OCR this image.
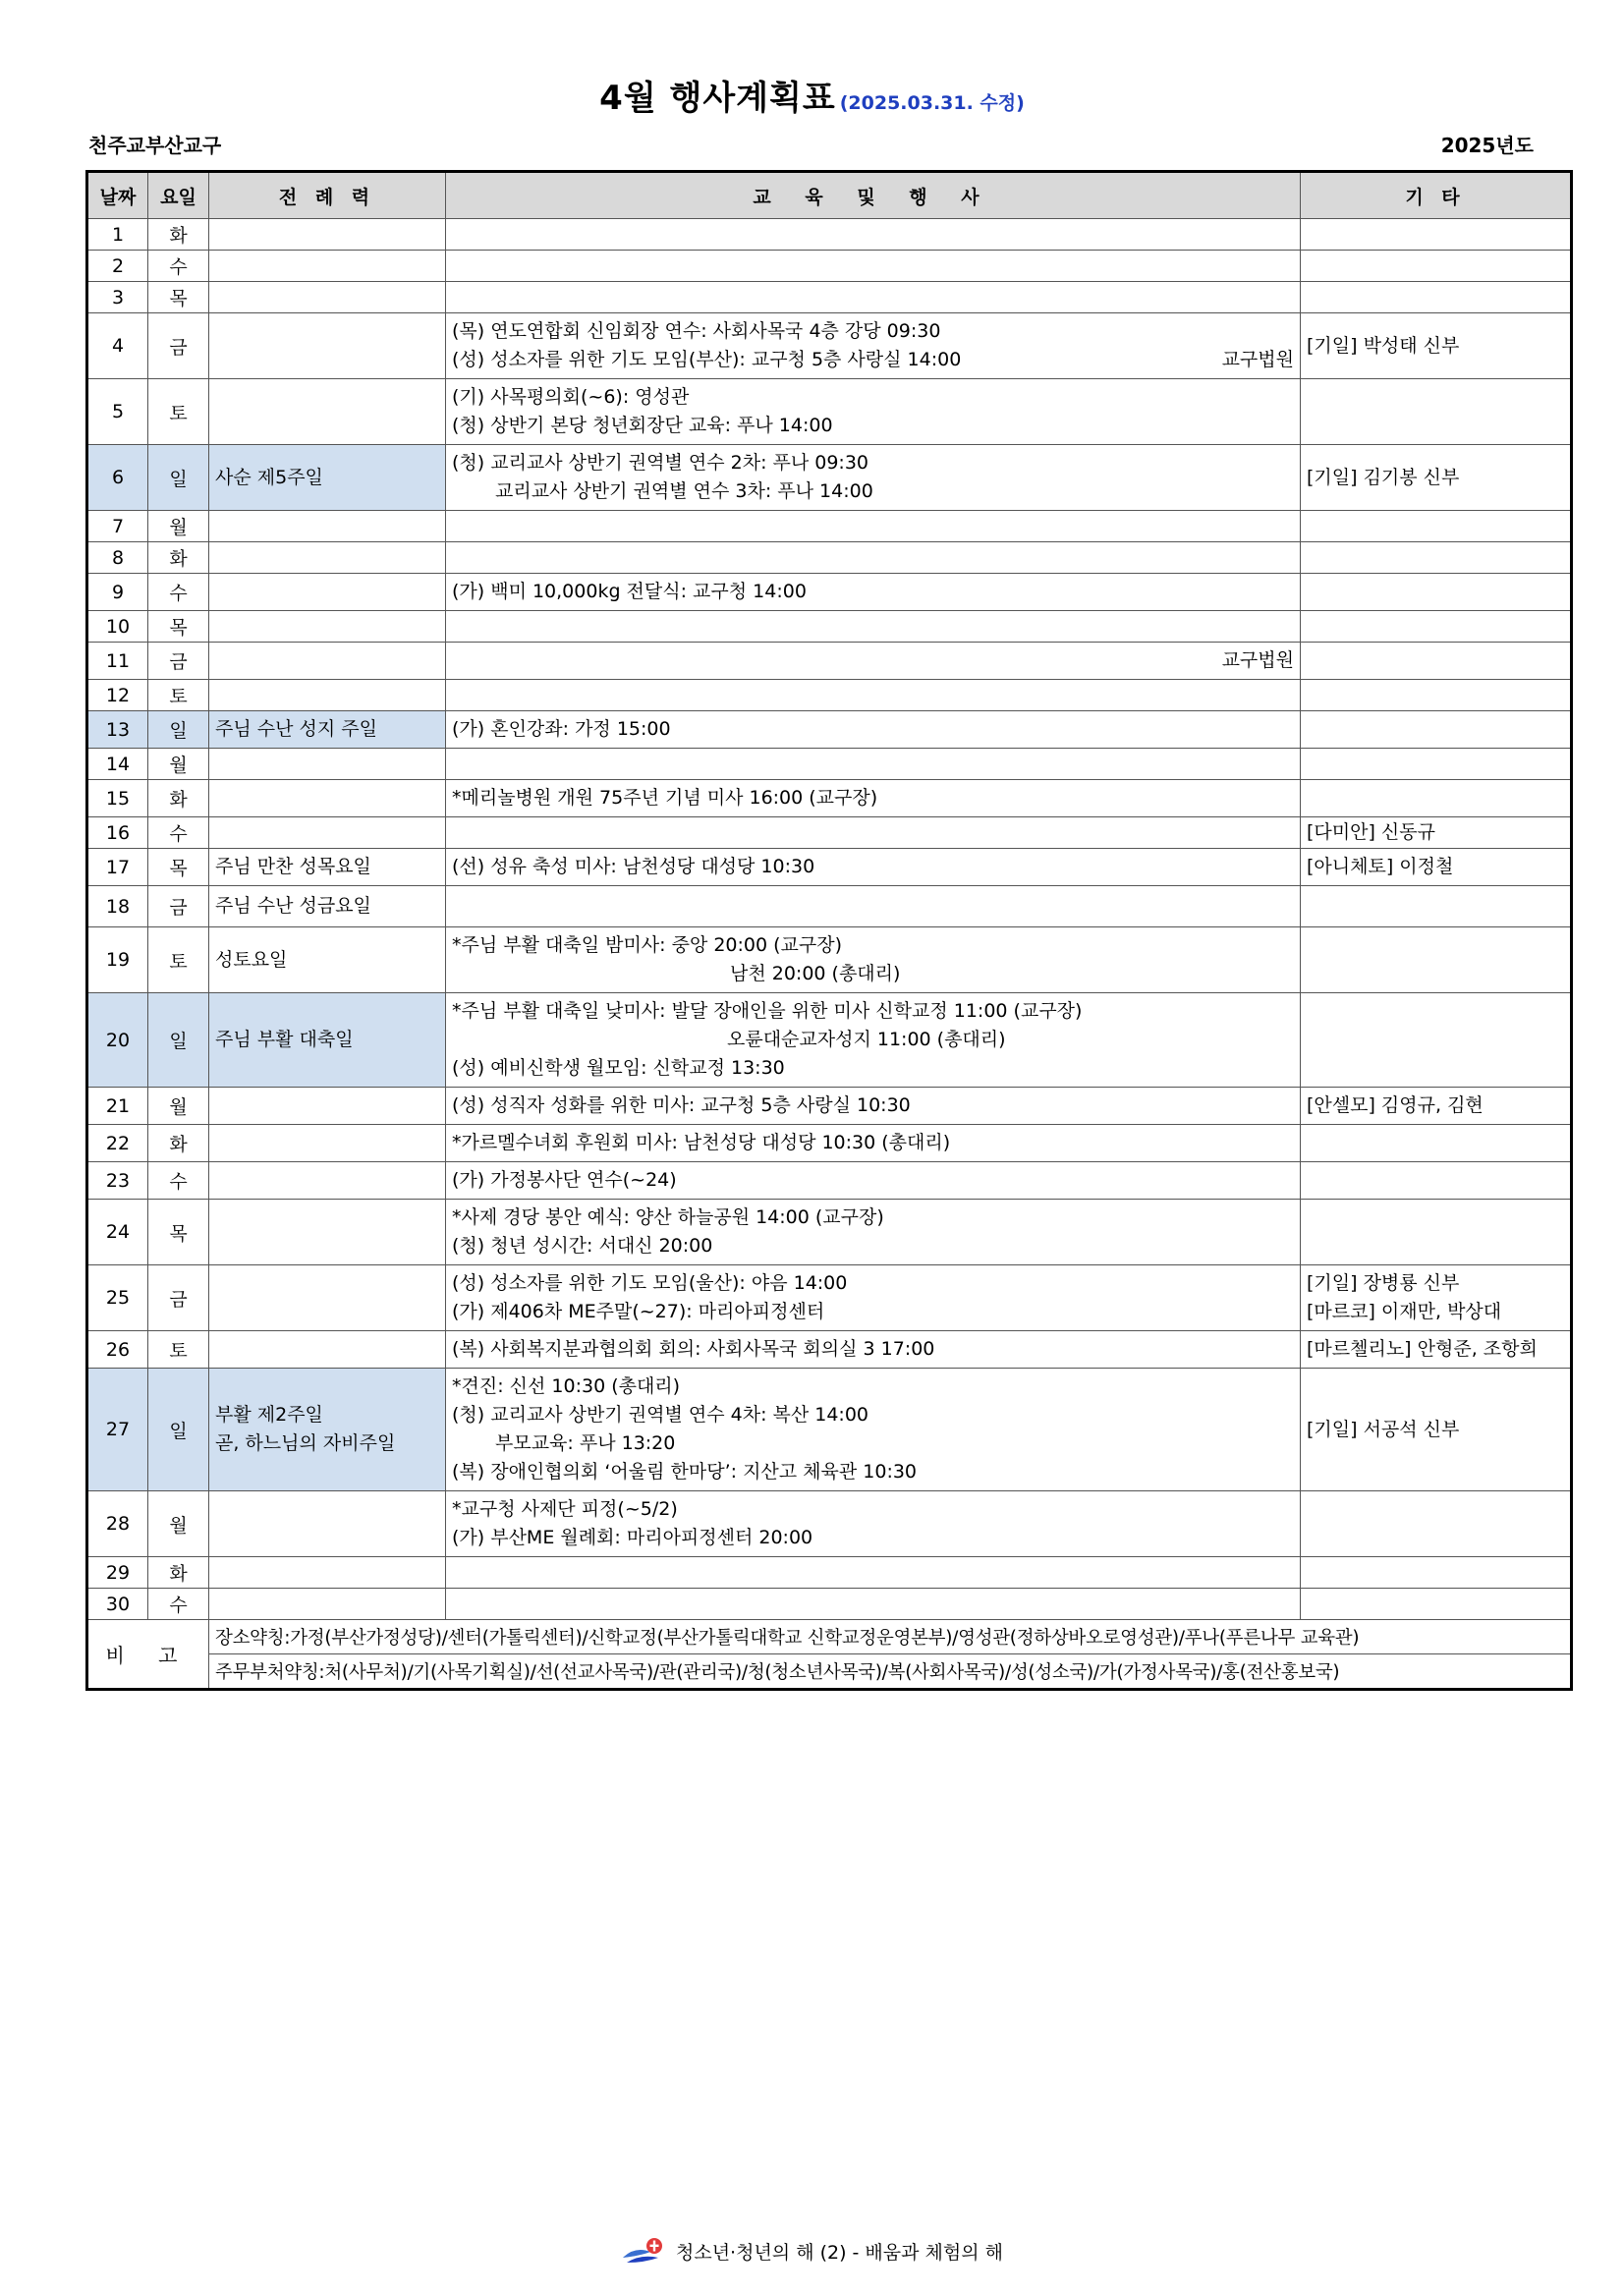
4월 행사계획표 (2025.03.31. 수정)
천주교부산교구	2025년도
날짜	요일	전 례 력	교 육 및 행 사	기 타
1	화			
2	수			
3	목			
4	금		(목) 연도연합회 신임회장 연수: 사회사목국 4층 강당 09:30
(성) 성소자를 위한 기도 모임(부산): 교구청 5층 사랑실 14:00 교구법원	[기일] 박성태 신부

5	토		(기) 사목평의회(~6): 영성관
(청) 상반기 본당 청년회장단 교육: 푸나 14:00	

6	일	사순 제5주일	(청) 교리교사 상반기 권역별 연수 2차: 푸나 09:30
교리교사 상반기 권역별 연수 3차: 푸나 14:00	[기일] 김기봉 신부

7	월			
8	화			
9	수		(가) 백미 10,000kg 전달식: 교구청 14:00	

10	목			
11	금		교구법원	

12	토			
13	일	주님 수난 성지 주일	(가) 혼인강좌: 가정 15:00	

14	월			
15	화		*메리놀병원 개원 75주년 기념 미사 16:00 (교구장)	

16	수			[다미안] 신동규

17	목	주님 만찬 성목요일	(선) 성유 축성 미사: 남천성당 대성당 10:30	[아니체토] 이정철

18	금	주님 수난 성금요일		
19	토	성토요일	*주님 부활 대축일 밤미사: 중앙 20:00 (교구장)
남천 20:00 (총대리)	

20	일	주님 부활 대축일	*주님 부활 대축일 낮미사: 발달 장애인을 위한 미사 신학교정 11:00 (교구장)
오륜대순교자성지 11:00 (총대리)
(성) 예비신학생 월모임: 신학교정 13:30	

21	월		(성) 성직자 성화를 위한 미사: 교구청 5층 사랑실 10:30	[안셀모] 김영규, 김현

22	화		*가르멜수녀회 후원회 미사: 남천성당 대성당 10:30 (총대리)	

23	수		(가) 가정봉사단 연수(~24)	

24	목		*사제 경당 봉안 예식: 양산 하늘공원 14:00 (교구장)
(청) 청년 성시간: 서대신 20:00	

25	금		(성) 성소자를 위한 기도 모임(울산): 야음 14:00
(가) 제406차 ME주말(~27): 마리아피정센터	[기일] 장병룡 신부
[마르코] 이재만, 박상대

26	토		(복) 사회복지분과협의회 회의: 사회사목국 회의실 3 17:00	[마르첼리노] 안형준, 조항희

27	일	부활 제2주일
곧, 하느님의 자비주일	*견진: 신선 10:30 (총대리)
(청) 교리교사 상반기 권역별 연수 4차: 복산 14:00
부모교육: 푸나 13:20
(복) 장애인협의회 ‘어울림 한마당’: 지산고 체육관 10:30	[기일] 서공석 신부

28	월		*교구청 사제단 피정(~5/2)
(가) 부산ME 월례회: 마리아피정센터 20:00	

29	화			
30	수			
비 고		장소약칭:가정(부산가정성당)/센터(가톨릭센터)/신학교정(부산가톨릭대학교 신학교정운영본부)/영성관(정하상바오로영성관)/푸나(푸른나무 교육관)		
		주무부처약칭:처(사무처)/기(사목기획실)/선(선교사목국)/관(관리국)/청(청소년사목국)/복(사회사목국)/성(성소국)/가(가정사목국)/홍(전산홍보국)		
청소년·청년의 해 (2) - 배움과 체험의 해
